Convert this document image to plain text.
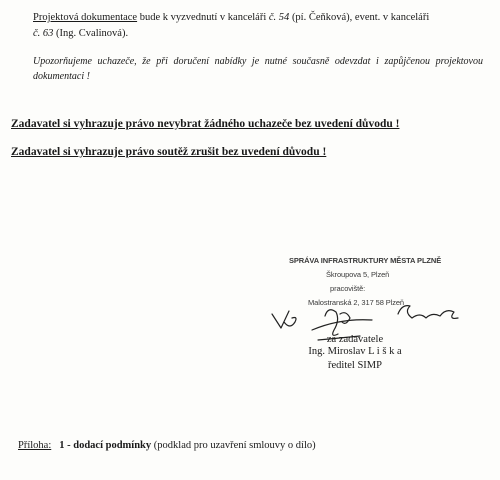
Projektová dokumentace bude k vyzvednutí v kanceláři č. 54 (pí. Čeňková), event. v kanceláři
č. 63 (Ing. Cvalinová).
Upozorňujeme uchazeče, že při doručení nabídky je nutné současně odevzdat i zapůjčenou projektovou dokumentaci !
Zadavatel si vyhrazuje právo nevybrat žádného uchazeče bez uvedení důvodu !
Zadavatel si vyhrazuje právo soutěž zrušit bez uvedení důvodu !
SPRÁVA INFRASTRUKTURY MĚSTA PLZNĚ
Škroupova 5, Plzeň
pracoviště:
Malostranská 2, 317 58 Plzeň
za zadavatele
Ing. Miroslav L i š k a
ředitel SIMP
Příloha: 1 - dodací podmínky (podklad pro uzavření smlouvy o dílo)
